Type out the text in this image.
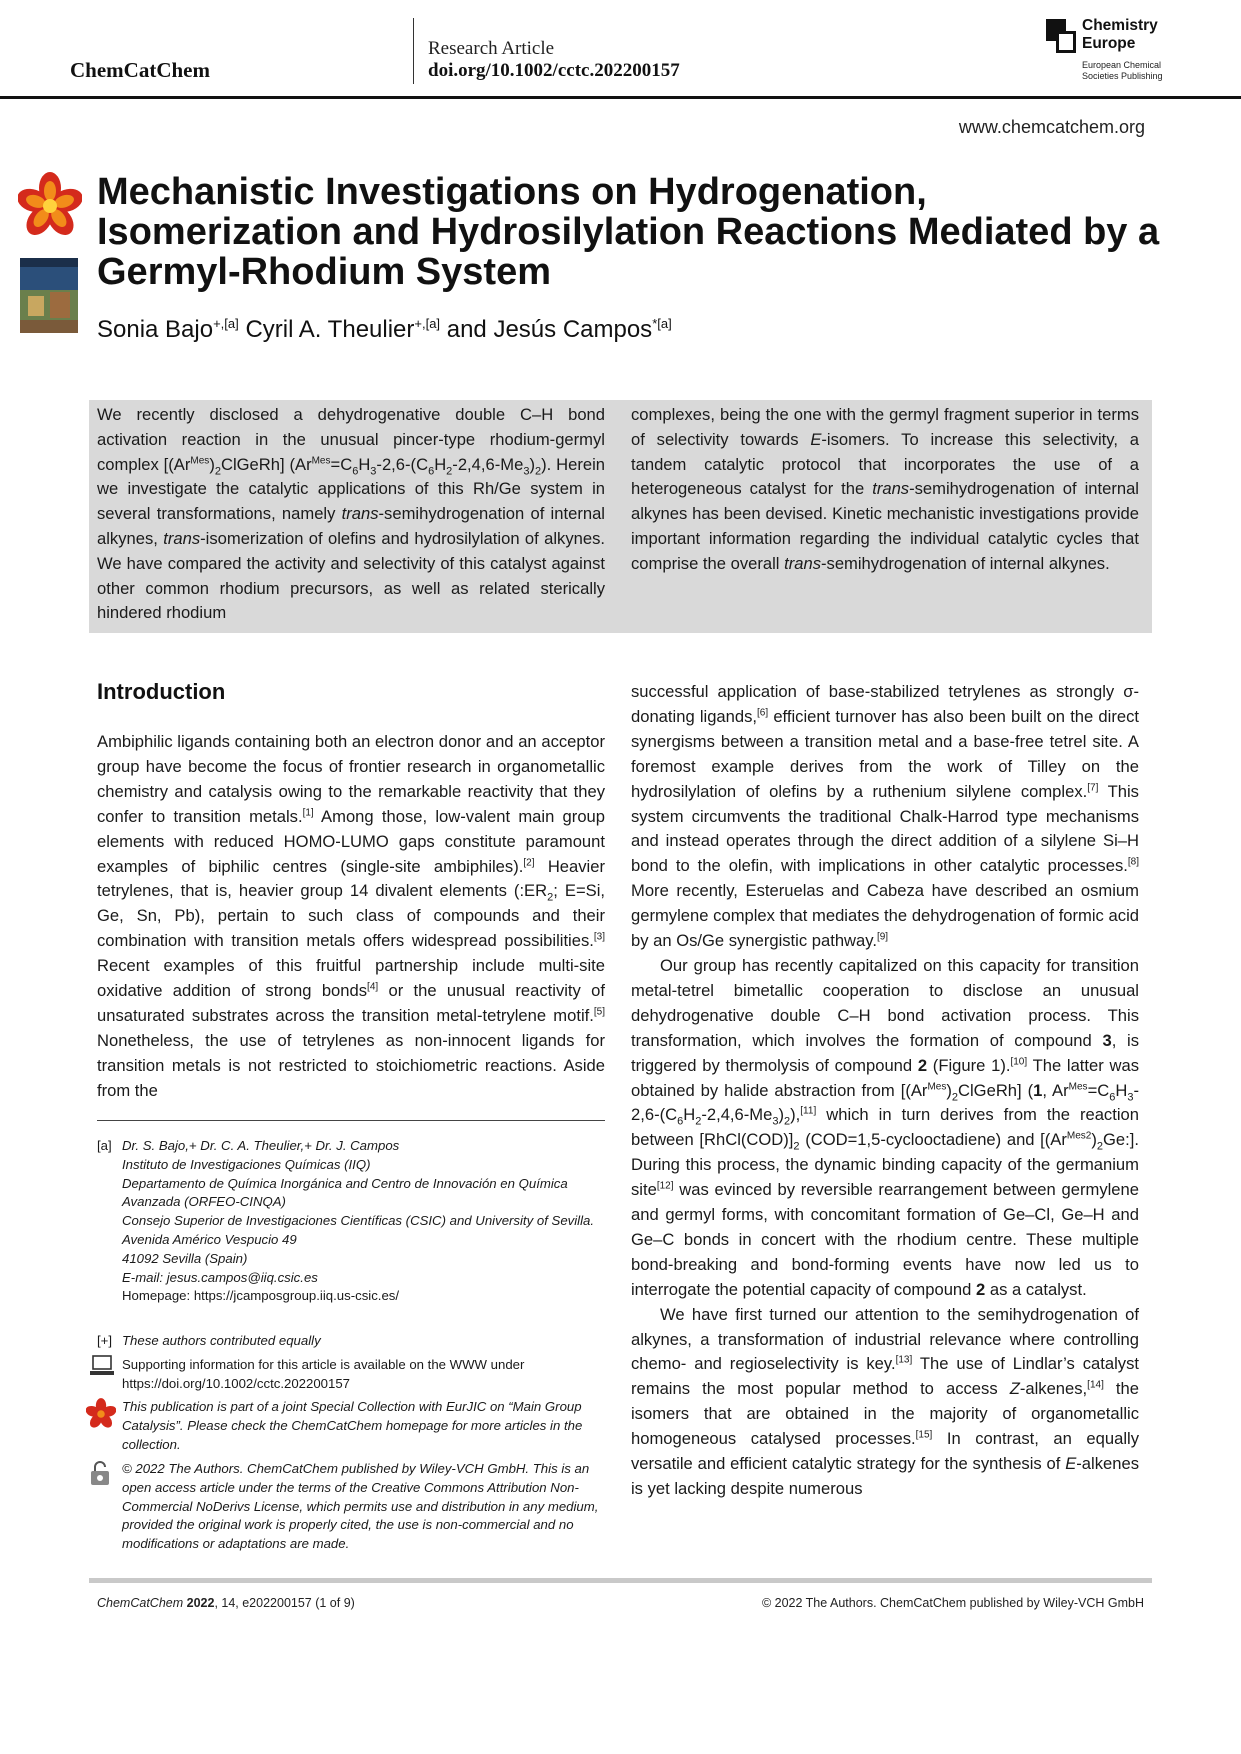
ChemCatChem
Research Article
doi.org/10.1002/cctc.202200157
Chemistry
Europe
European Chemical
Societies Publishing
www.chemcatchem.org
Mechanistic Investigations on Hydrogenation,
Isomerization and Hydrosilylation Reactions Mediated by a
Germyl-Rhodium System
Sonia Bajo$^{+,[a]}$ Cyril A. Theulier$^{+,[a]}$ and Jesús Campos$^{*[a]}$

We recently disclosed a dehydrogenative double C–H bond activation reaction in the unusual pincer-type rhodium-germyl complex $[(Ar^{Mes})_2ClGeRh]$ $(Ar^{Mes}=C_6H_3-2,6-(C_6H_2-2,4,6-Me_3)_2)$. Herein we investigate the catalytic applications of this Rh/Ge system in several transformations, namely trans-semihydrogenation of internal alkynes, trans-isomerization of olefins and hydrosilylation of alkynes. We have compared the activity and selectivity of this catalyst against other common rhodium precursors, as well as related sterically hindered rhodium

complexes, being the one with the germyl fragment superior in terms of selectivity towards E-isomers. To increase this selectivity, a tandem catalytic protocol that incorporates the use of a heterogeneous catalyst for the trans-semihydrogenation of internal alkynes has been devised. Kinetic mechanistic investigations provide important information regarding the individual catalytic cycles that comprise the overall trans-semihydrogenation of internal alkynes.

Introduction

Ambiphilic ligands containing both an electron donor and an acceptor group have become the focus of frontier research in organometallic chemistry and catalysis owing to the remarkable reactivity that they confer to transition metals.[1] Among those, low-valent main group elements with reduced HOMO-LUMO gaps constitute paramount examples of biphilic centres (single-site ambiphiles).[2] Heavier tetrylenes, that is, heavier group 14 divalent elements ($:ER_2$; E=Si, Ge, Sn, Pb), pertain to such class of compounds and their combination with transition metals offers widespread possibilities.[3] Recent examples of this fruitful partnership include multi-site oxidative addition of strong bonds[4] or the unusual reactivity of unsaturated substrates across the transition metal-tetrylene motif.[5] Nonetheless, the use of tetrylenes as non-innocent ligands for transition metals is not restricted to stoichiometric reactions. Aside from the

[a] Dr. S. Bajo,+ Dr. C. A. Theulier,+ Dr. J. Campos
Instituto de Investigaciones Químicas (IIQ)
Departamento de Química Inorgánica and Centro de Innovación en Química Avanzada (ORFEO-CINQA)
Consejo Superior de Investigaciones Científicas (CSIC) and University of Sevilla.
Avenida Américo Vespucio 49
41092 Sevilla (Spain)
E-mail: jesus.campos@iiq.csic.es
Homepage: https://jcamposgroup.iiq.us-csic.es/
[+] These authors contributed equally
Supporting information for this article is available on the WWW under https://doi.org/10.1002/cctc.202200157
This publication is part of a joint Special Collection with EurJIC on “Main Group Catalysis”. Please check the ChemCatChem homepage for more articles in the collection.
© 2022 The Authors. ChemCatChem published by Wiley-VCH GmbH. This is an open access article under the terms of the Creative Commons Attribution Non-Commercial NoDerivs License, which permits use and distribution in any medium, provided the original work is properly cited, the use is non-commercial and no modifications or adaptations are made.

successful application of base-stabilized tetrylenes as strongly σ-donating ligands,[6] efficient turnover has also been built on the direct synergisms between a transition metal and a base-free tetrel site. A foremost example derives from the work of Tilley on the hydrosilylation of olefins by a ruthenium silylene complex.[7] This system circumvents the traditional Chalk-Harrod type mechanisms and instead operates through the direct addition of a silylene Si–H bond to the olefin, with implications in other catalytic processes.[8] More recently, Esteruelas and Cabeza have described an osmium germylene complex that mediates the dehydrogenation of formic acid by an Os/Ge synergistic pathway.[9]

Our group has recently capitalized on this capacity for transition metal-tetrel bimetallic cooperation to disclose an unusual dehydrogenative double C–H bond activation process. This transformation, which involves the formation of compound 3, is triggered by thermolysis of compound 2 (Figure 1).[10] The latter was obtained by halide abstraction from $[(Ar^{Mes})_2ClGeRh]$ (1, $Ar^{Mes}=C_6H_3-2,6-(C_6H_2-2,4,6-Me_3)_2),[11]$ which in turn derives from the reaction between $[RhCl(COD)]_2$ (COD=1,5-cyclooctadiene) and $[(Ar^{Mes2})_2Ge:]$. During this process, the dynamic binding capacity of the germanium site[12] was evinced by reversible rearrangement between germylene and germyl forms, with concomitant formation of Ge–Cl, Ge–H and Ge–C bonds in concert with the rhodium centre. These multiple bond-breaking and bond-forming events have now led us to interrogate the potential capacity of compound 2 as a catalyst.

We have first turned our attention to the semihydrogenation of alkynes, a transformation of industrial relevance where controlling chemo- and regioselectivity is key.[13] The use of Lindlar’s catalyst remains the most popular method to access Z-alkenes,[14] the isomers that are obtained in the majority of organometallic homogeneous catalysed processes.[15] In contrast, an equally versatile and efficient catalytic strategy for the synthesis of E-alkenes is yet lacking despite numerous

ChemCatChem 2022, 14, e202200157 (1 of 9)	© 2022 The Authors. ChemCatChem published by Wiley-VCH GmbH
